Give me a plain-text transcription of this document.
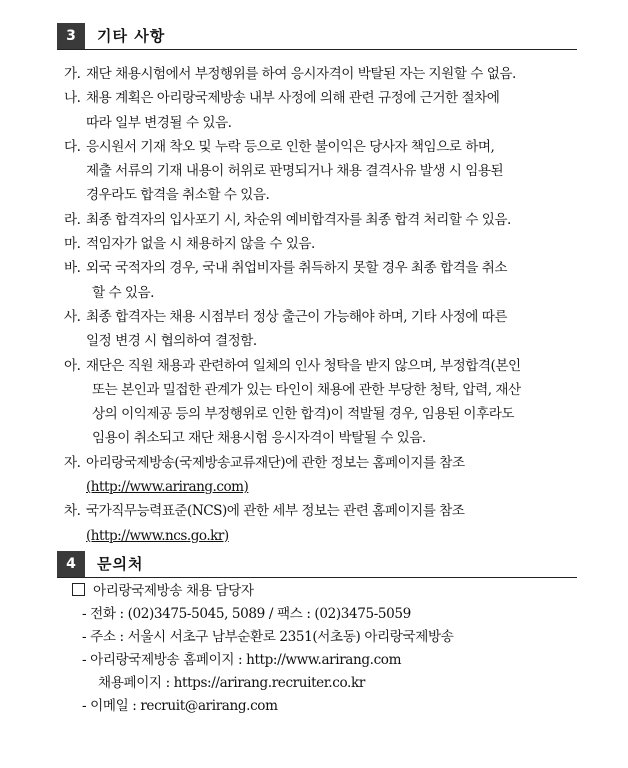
3	기타 사항
가. 재단 채용시험에서 부정행위를 하여 응시자격이 박탈된 자는 지원할 수 없음.
나. 채용 계획은 아리랑국제방송 내부 사정에 의해 관련 규정에 근거한 절차에
따라 일부 변경될 수 있음.
다. 응시원서 기재 착오 및 누락 등으로 인한 불이익은 당사자 책임으로 하며,
제출 서류의 기재 내용이 허위로 판명되거나 채용 결격사유 발생 시 임용된
경우라도 합격을 취소할 수 있음.
라. 최종 합격자의 입사포기 시, 차순위 예비합격자를 최종 합격 처리할 수 있음.
마. 적임자가 없을 시 채용하지 않을 수 있음.
바. 외국 국적자의 경우, 국내 취업비자를 취득하지 못할 경우 최종 합격을 취소
할 수 있음.
사. 최종 합격자는 채용 시점부터 정상 출근이 가능해야 하며, 기타 사정에 따른
일정 변경 시 협의하여 결정함.
아. 재단은 직원 채용과 관련하여 일체의 인사 청탁을 받지 않으며, 부정합격(본인
또는 본인과 밀접한 관계가 있는 타인이 채용에 관한 부당한 청탁, 압력, 재산
상의 이익제공 등의 부정행위로 인한 합격)이 적발될 경우, 임용된 이후라도
임용이 취소되고 재단 채용시험 응시자격이 박탈될 수 있음.
자. 아리랑국제방송(국제방송교류재단)에 관한 정보는 홈페이지를 참조
(http://www.arirang.com)
차. 국가직무능력표준(NCS)에 관한 세부 정보는 관련 홈페이지를 참조
(http://www.ncs.go.kr)
4	문의처
아리랑국제방송 채용 담당자
- 전화 : (02)3475-5045, 5089 / 팩스 : (02)3475-5059
- 주소 : 서울시 서초구 남부순환로 2351(서초동) 아리랑국제방송
- 아리랑국제방송 홈페이지 : http://www.arirang.com
채용페이지 : https://arirang.recruiter.co.kr
- 이메일 : recruit@arirang.com
